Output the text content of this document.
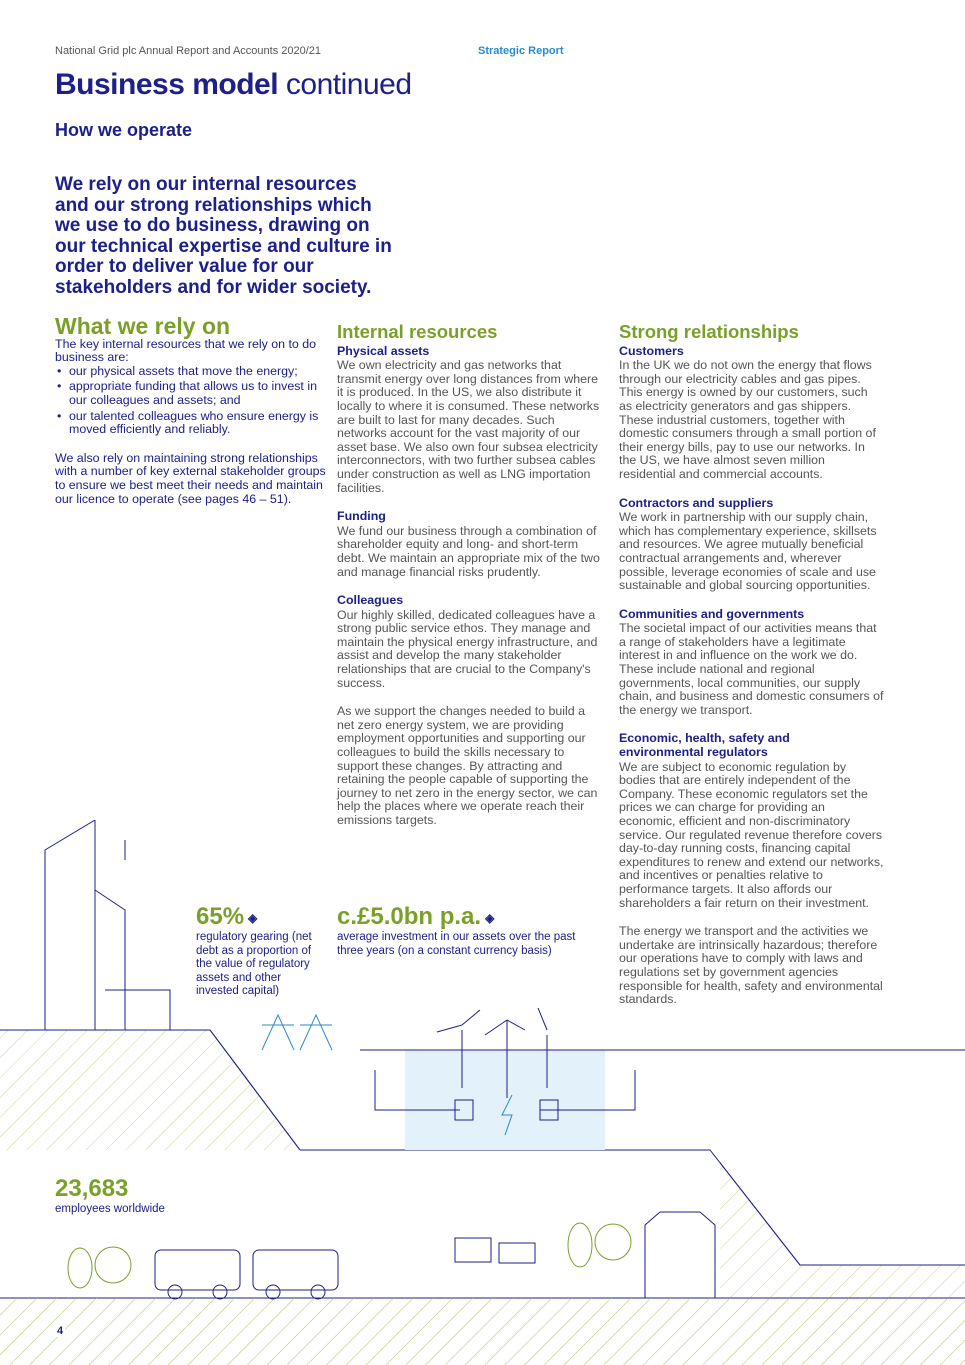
National Grid plc Annual Report and Accounts 2020/21	Strategic Report
Business model continued
How we operate
We rely on our internal resources and our strong relationships which we use to do business, drawing on our technical expertise and culture in order to deliver value for our stakeholders and for wider society.
What we rely on
The key internal resources that we rely on to do business are:
• our physical assets that move the energy;
• appropriate funding that allows us to invest in our colleagues and assets; and
• our talented colleagues who ensure energy is moved efficiently and reliably.
We also rely on maintaining strong relationships with a number of key external stakeholder groups to ensure we best meet their needs and maintain our licence to operate (see pages 46 – 51).
Internal resources
Physical assets

We own electricity and gas networks that transmit energy over long distances from where it is produced. In the US, we also distribute it locally to where it is consumed. These networks are built to last for many decades. Such networks account for the vast majority of our asset base. We also own four subsea electricity interconnectors, with two further subsea cables under construction as well as LNG importation facilities.

Funding

We fund our business through a combination of shareholder equity and long- and short-term debt. We maintain an appropriate mix of the two and manage financial risks prudently.

Colleagues

Our highly skilled, dedicated colleagues have a strong public service ethos. They manage and maintain the physical energy infrastructure, and assist and develop the many stakeholder relationships that are crucial to the Company's success.

As we support the changes needed to build a net zero energy system, we are providing employment opportunities and supporting our colleagues to build the skills necessary to support these changes. By attracting and retaining the people capable of supporting the journey to net zero in the energy sector, we can help the places where we operate reach their emissions targets.

Strong relationships
Customers

In the UK we do not own the energy that flows through our electricity cables and gas pipes. This energy is owned by our customers, such as electricity generators and gas shippers. These industrial customers, together with domestic consumers through a small portion of their energy bills, pay to use our networks. In the US, we have almost seven million residential and commercial accounts.

Contractors and suppliers

We work in partnership with our supply chain, which has complementary experience, skillsets and resources. We agree mutually beneficial contractual arrangements and, wherever possible, leverage economies of scale and use sustainable and global sourcing opportunities.

Communities and governments

The societal impact of our activities means that a range of stakeholders have a legitimate interest in and influence on the work we do. These include national and regional governments, local communities, our supply chain, and business and domestic consumers of the energy we transport.

Economic, health, safety and environmental regulators

We are subject to economic regulation by bodies that are entirely independent of the Company. These economic regulators set the prices we can charge for providing an economic, efficient and non-discriminatory service. Our regulated revenue therefore covers day-to-day running costs, financing capital expenditures to renew and extend our networks, and incentives or penalties relative to performance targets. It also affords our shareholders a fair return on their investment.

The energy we transport and the activities we undertake are intrinsically hazardous; therefore our operations have to comply with laws and regulations set by government agencies responsible for health, safety and environmental standards.

65% ◈
regulatory gearing (net debt as a proportion of the value of regulatory assets and other invested capital)
c.£5.0bn p.a. ◈
average investment in our assets over the past three years (on a constant currency basis)
23,683
employees worldwide
4
